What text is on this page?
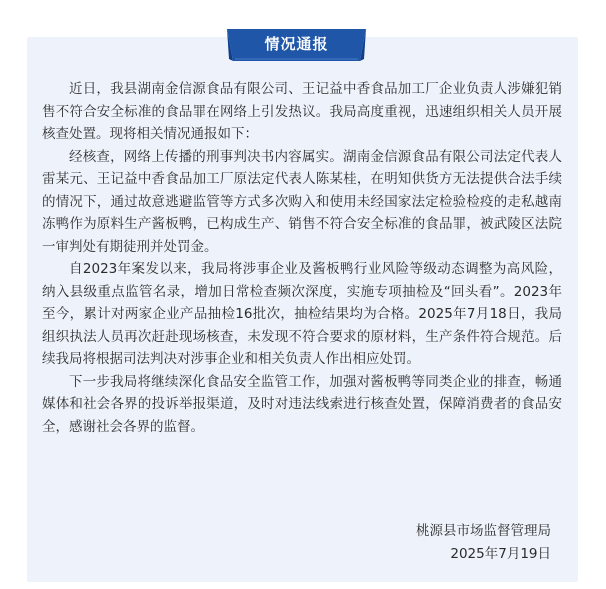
情况通报

近日，我县湖南金信源食品有限公司、王记益中香食品加工厂企业负责人涉嫌犯销售不符合安全标准的食品罪在网络上引发热议。我局高度重视，迅速组织相关人员开展核查处置。现将相关情况通报如下：

经核查，网络上传播的刑事判决书内容属实。湖南金信源食品有限公司法定代表人雷某元、王记益中香食品加工厂原法定代表人陈某桂，在明知供货方无法提供合法手续的情况下，通过故意逃避监管等方式多次购入和使用未经国家法定检验检疫的走私越南冻鸭作为原料生产酱板鸭，已构成生产、销售不符合安全标准的食品罪，被武陵区法院一审判处有期徒刑并处罚金。

自2023年案发以来，我局将涉事企业及酱板鸭行业风险等级动态调整为高风险，纳入县级重点监管名录，增加日常检查频次深度，实施专项抽检及“回头看”。2023年至今，累计对两家企业产品抽检16批次，抽检结果均为合格。2025年7月18日，我局组织执法人员再次赶赴现场核查，未发现不符合要求的原材料，生产条件符合规范。后续我局将根据司法判决对涉事企业和相关负责人作出相应处罚。

下一步我局将继续深化食品安全监管工作，加强对酱板鸭等同类企业的排查，畅通媒体和社会各界的投诉举报渠道，及时对违法线索进行核查处置，保障消费者的食品安全，感谢社会各界的监督。

桃源县市场监督管理局
2025年7月19日
